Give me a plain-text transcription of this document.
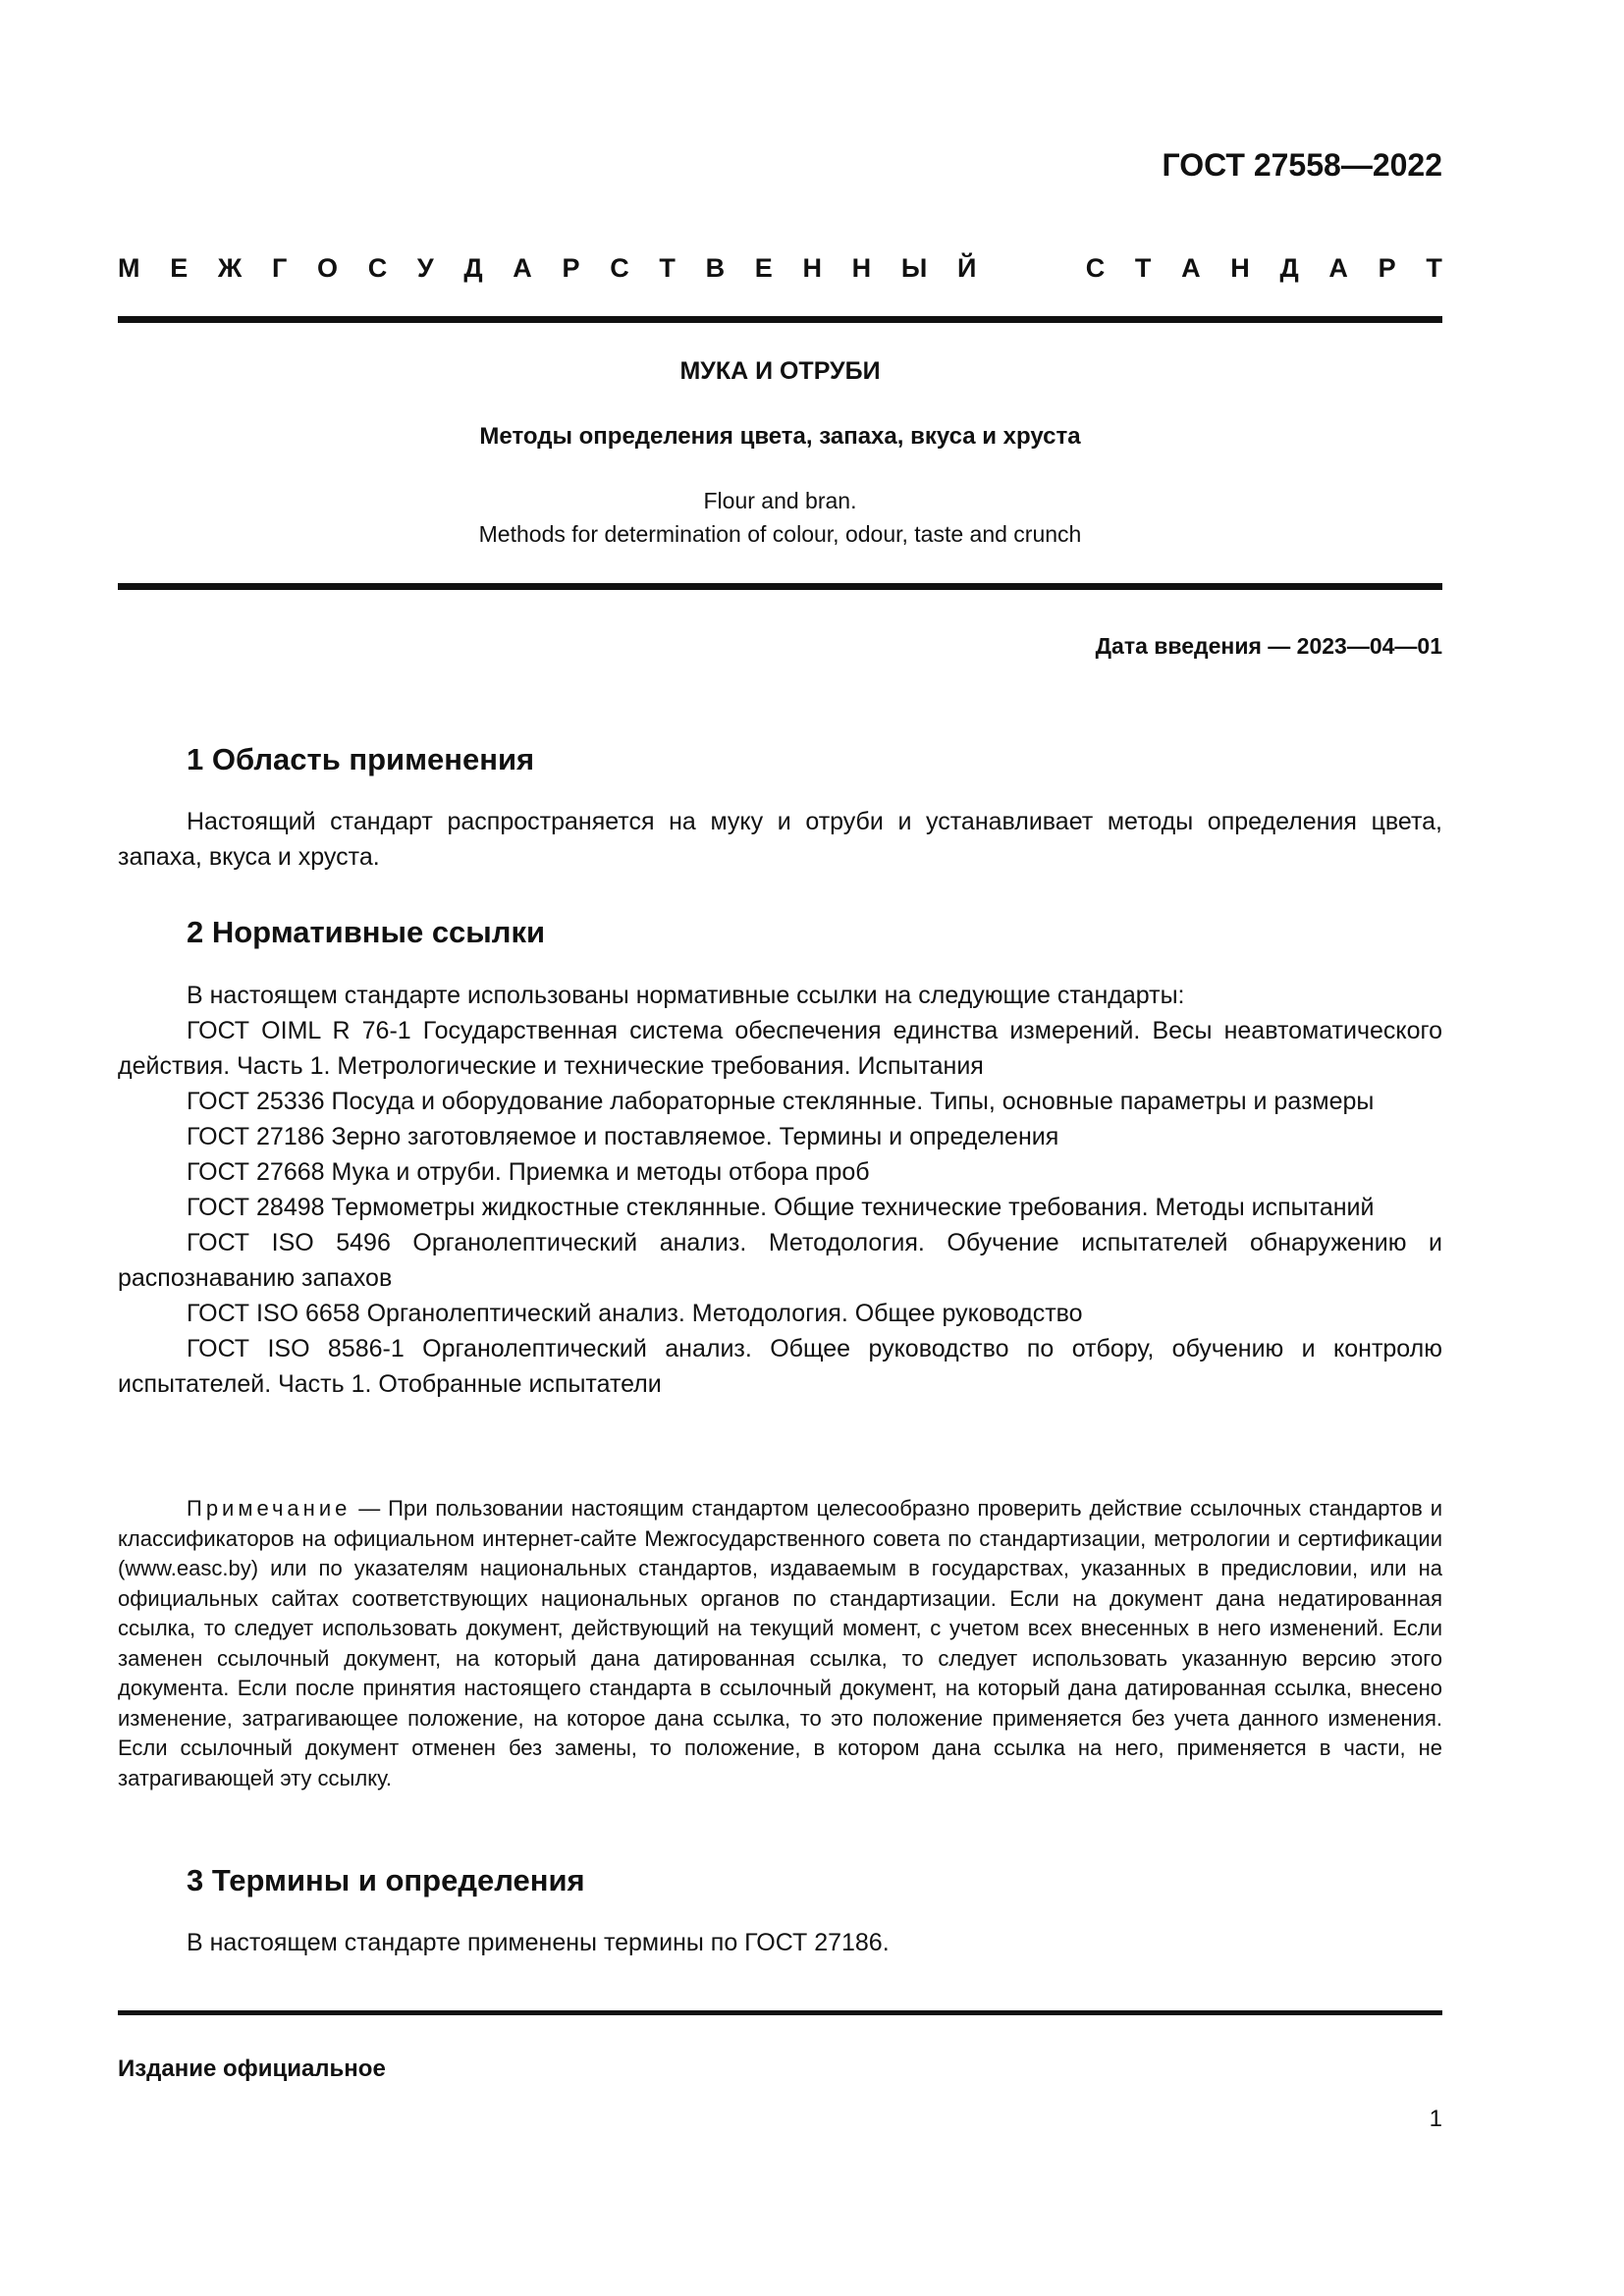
ГОСТ 27558—2022
М Е Ж Г О С У Д А Р С Т В Е Н Н Ы Й	С Т А Н Д А Р Т
МУКА И ОТРУБИ
Методы определения цвета, запаха, вкуса и хруста
Flour and bran.
Methods for determination of colour, odour, taste and crunch
Дата введения — 2023—04—01
1 Область применения
Настоящий стандарт распространяется на муку и отруби и устанавливает методы определения цвета, запаха, вкуса и хруста.
2 Нормативные ссылки
В настоящем стандарте использованы нормативные ссылки на следующие стандарты:
ГОСТ OIML R 76-1 Государственная система обеспечения единства измерений. Весы неавтоматического действия. Часть 1. Метрологические и технические требования. Испытания
ГОСТ 25336 Посуда и оборудование лабораторные стеклянные. Типы, основные параметры и размеры
ГОСТ 27186 Зерно заготовляемое и поставляемое. Термины и определения
ГОСТ 27668 Мука и отруби. Приемка и методы отбора проб
ГОСТ 28498 Термометры жидкостные стеклянные. Общие технические требования. Методы испытаний
ГОСТ ISO 5496 Органолептический анализ. Методология. Обучение испытателей обнаружению и распознаванию запахов
ГОСТ ISO 6658 Органолептический анализ. Методология. Общее руководство
ГОСТ ISO 8586-1 Органолептический анализ. Общее руководство по отбору, обучению и контролю испытателей. Часть 1. Отобранные испытатели
Примечание — При пользовании настоящим стандартом целесообразно проверить действие ссылочных стандартов и классификаторов на официальном интернет-сайте Межгосударственного совета по стандартизации, метрологии и сертификации (www.easc.by) или по указателям национальных стандартов, издаваемым в государствах, указанных в предисловии, или на официальных сайтах соответствующих национальных органов по стандартизации. Если на документ дана недатированная ссылка, то следует использовать документ, действующий на текущий момент, с учетом всех внесенных в него изменений. Если заменен ссылочный документ, на который дана датированная ссылка, то следует использовать указанную версию этого документа. Если после принятия настоящего стандарта в ссылочный документ, на который дана датированная ссылка, внесено изменение, затрагивающее положение, на которое дана ссылка, то это положение применяется без учета данного изменения. Если ссылочный документ отменен без замены, то положение, в котором дана ссылка на него, применяется в части, не затрагивающей эту ссылку.
3 Термины и определения
В настоящем стандарте применены термины по ГОСТ 27186.
Издание официальное
1
